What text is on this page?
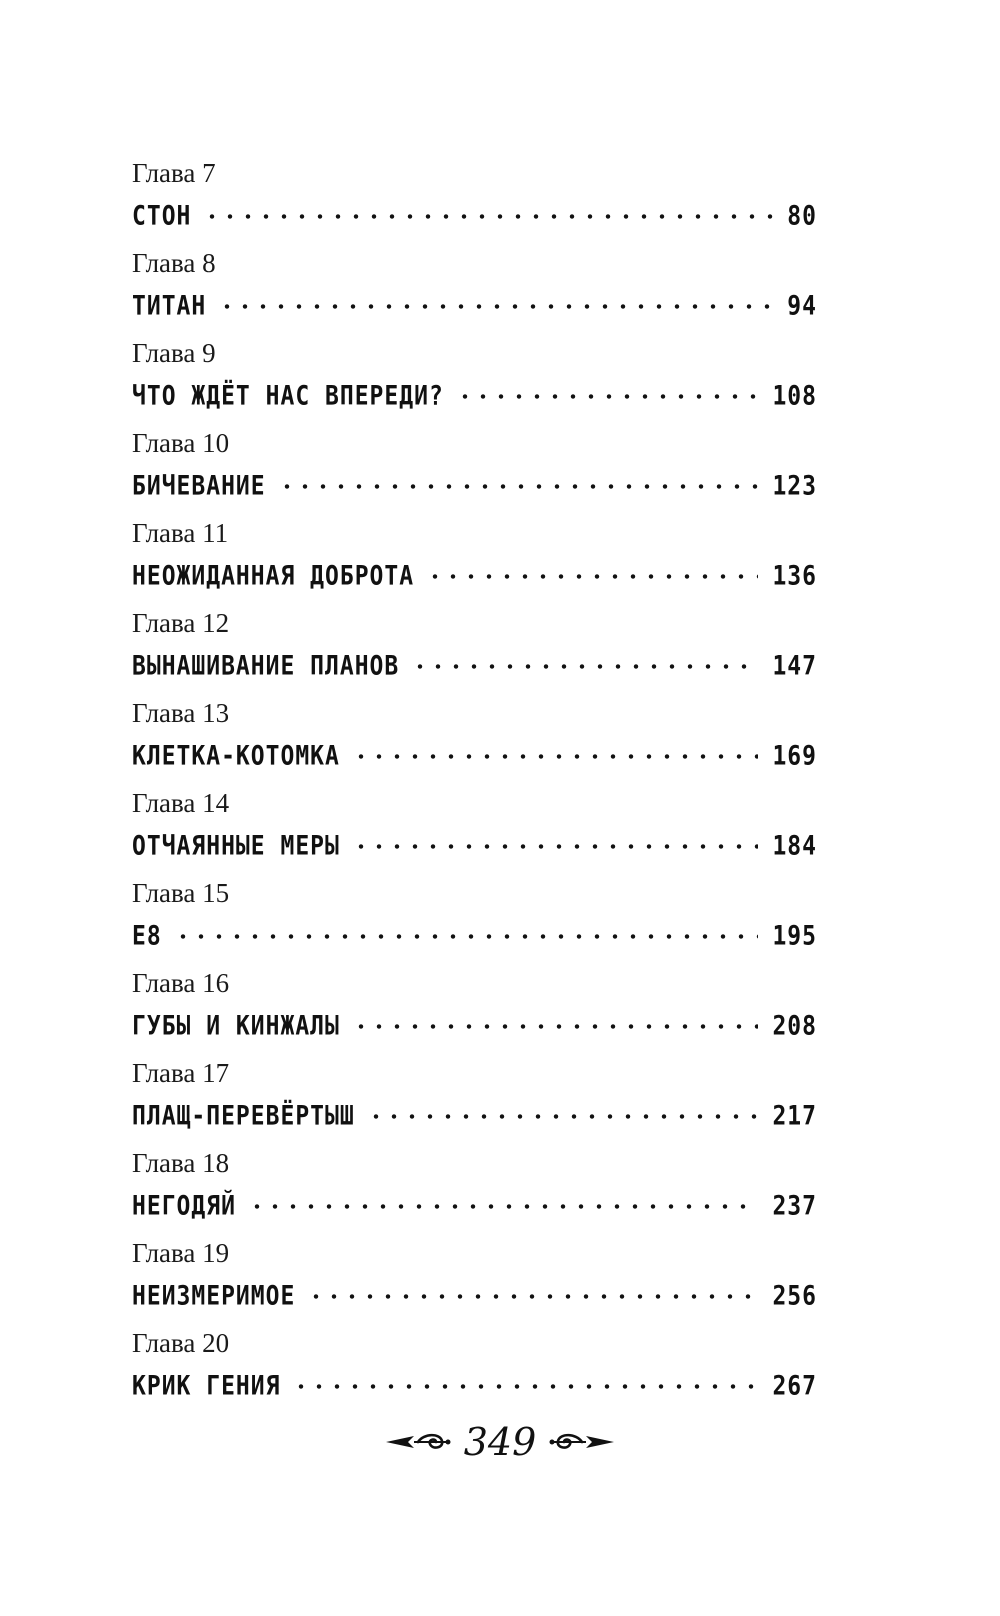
Глава 7
СТОН	80
Глава 8
ТИТАН	94
Глава 9
ЧТО ЖДЁТ НАС ВПЕРЕДИ?	108
Глава 10
БИЧЕВАНИЕ	123
Глава 11
НЕОЖИДАННАЯ ДОБРОТА	136
Глава 12
ВЫНАШИВАНИЕ ПЛАНОВ	147
Глава 13
КЛЕТКА-КОТОМКА	169
Глава 14
ОТЧАЯННЫЕ МЕРЫ	184
Глава 15
Е8	195
Глава 16
ГУБЫ И КИНЖАЛЫ	208
Глава 17
ПЛАЩ-ПЕРЕВЁРТЫШ	217
Глава 18
НЕГОДЯЙ	237
Глава 19
НЕИЗМЕРИМОЕ	256
Глава 20
КРИК ГЕНИЯ	267
349
